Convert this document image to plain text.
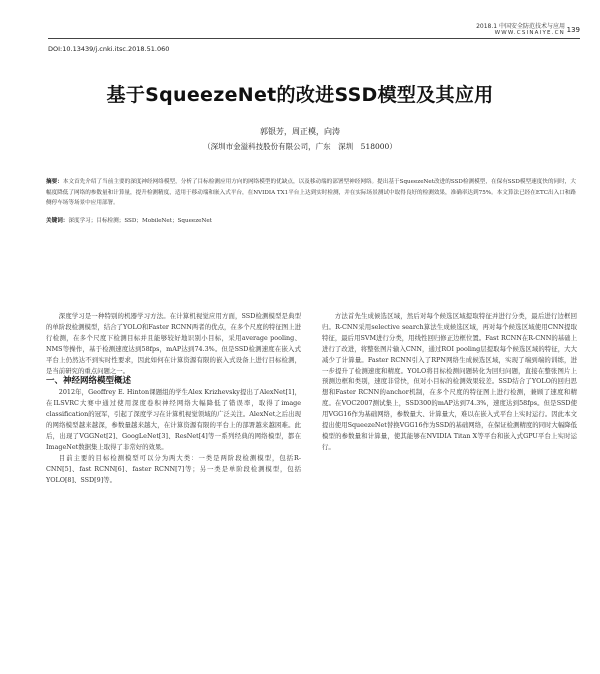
2018.1 中国安全防范技术与应用
WWW.CSINAIYE.CN 139
DOI:10.13439/j.cnki.itsc.2018.51.060
基于SqueezeNet的改进SSD模型及其应用
郭银芳，周正模，向涛
（深圳市金溢科技股份有限公司，广东　深圳　518000）
摘要：本文首先介绍了当前主要的深度神经网络模型，分析了目标检测应用方向的网络模型的优缺点，以及移动端的部署型神经网络。提出基于SqueezeNet改进的SSD检测模型，在保有SSD模型速度快的同时，大幅度降低了网络的参数量和计算量，提升检测精度，适用于移动端和嵌入式平台，在NVIDIA TX1平台上达到实时检测，并在实际场景测试中取得良好的检测效果，准确率达到75%。本文算法已经在ETC出入口和路侧停车场等场景中应用部署。
关键词：深度学习；目标检测；SSD；MobileNet；SqueezeNet

深度学习是一种特别的机器学习方法。在计算机视觉应用方面，SSD检测模型是典型的单阶段检测模型，结合了YOLO和Faster RCNN两者的优点，在多个尺度的特征图上进行检测，在多个尺度下检测目标并且能够较好地识别小目标，采用average pooling、NMS等操作，基于检测速度达到58fps，mAP达到74.3%。但是SSD检测速度在嵌入式平台上仍然达不到实时性要求，因此如何在计算资源有限的嵌入式设备上进行目标检测，是当前研究的重点问题之一。

一、神经网络模型概述

2012年，Geoffrey E. Hinton课题组的学生Alex Krizhevsky提出了AlexNet[1]，在ILSVRC大赛中通过使用深度卷积神经网络大幅降低了错误率，取得了image classification的冠军，引起了深度学习在计算机视觉领域的广泛关注。AlexNet之后出现的网络模型越来越深，参数量越来越大，在计算资源有限的平台上的部署越来越困难。此后，出现了VGGNet[2]、GoogLeNet[3]、ResNet[4]等一系列经典的网络模型，都在ImageNet数据集上取得了非常好的效果。

目前主要的目标检测模型可以分为两大类：一类是两阶段检测模型，包括R-CNN[5]、fast RCNN[6]、faster RCNN[7]等；另一类是单阶段检测模型，包括YOLO[8]、SSD[9]等。

方法首先生成候选区域，然后对每个候选区域提取特征并进行分类，最后进行边框回归。R-CNN采用selective search算法生成候选区域，再对每个候选区域使用CNN提取特征，最后用SVM进行分类，用线性回归修正边框位置。Fast RCNN在R-CNN的基础上进行了改进，将整张图片输入CNN，通过ROI pooling层提取每个候选区域的特征，大大减少了计算量。Faster RCNN引入了RPN网络生成候选区域，实现了端到端的训练，进一步提升了检测速度和精度。YOLO将目标检测问题转化为回归问题，直接在整张图片上预测边框和类别，速度非常快，但对小目标的检测效果较差。SSD结合了YOLO的回归思想和Faster RCNN的anchor机制，在多个尺度的特征图上进行检测，兼顾了速度和精度。在VOC2007测试集上，SSD300的mAP达到74.3%，速度达到58fps。但是SSD使用VGG16作为基础网络，参数量大、计算量大，难以在嵌入式平台上实时运行。因此本文提出使用SqueezeNet替换VGG16作为SSD的基础网络，在保证检测精度的同时大幅降低模型的参数量和计算量，使其能够在NVIDIA Titan X等平台和嵌入式GPU平台上实时运行。
